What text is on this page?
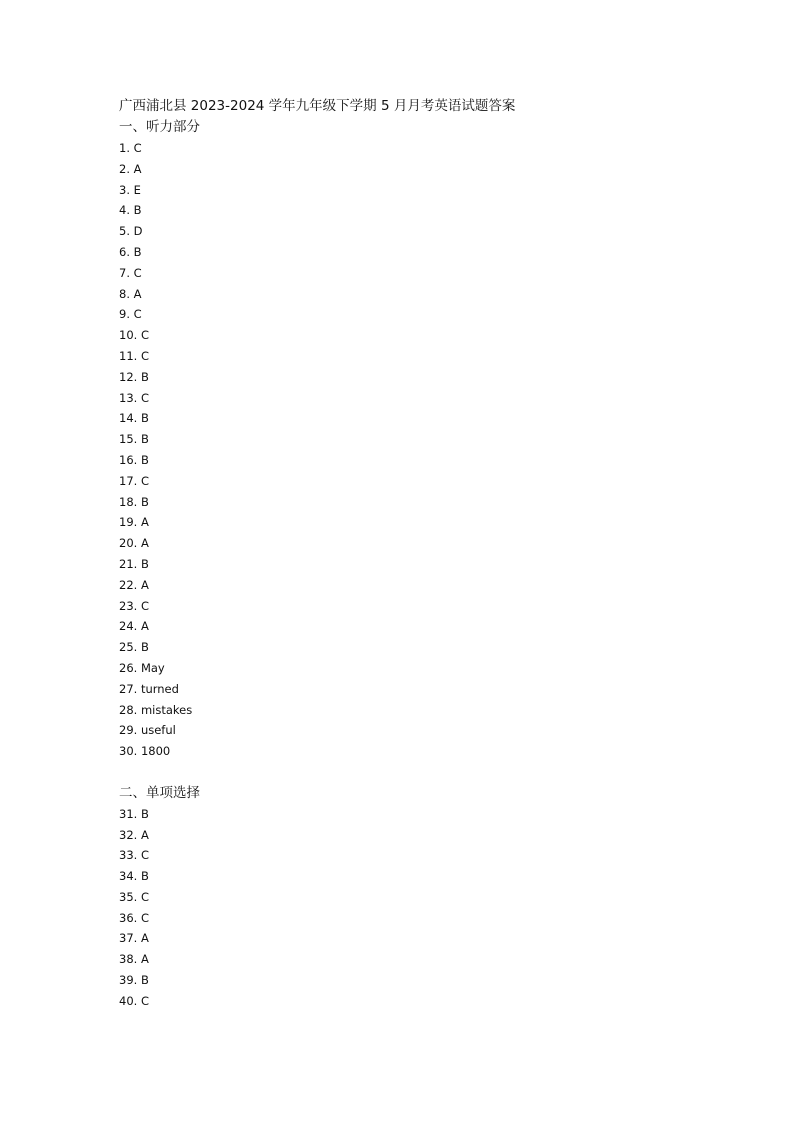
广西浦北县 2023-2024 学年九年级下学期 5 月月考英语试题答案
一、听力部分
1. C
2. A
3. E
4. B
5. D
6. B
7. C
8. A
9. C
10. C
11. C
12. B
13. C
14. B
15. B
16. B
17. C
18. B
19. A
20. A
21. B
22. A
23. C
24. A
25. B
26. May
27. turned
28. mistakes
29. useful
30. 1800
二、单项选择
31. B
32. A
33. C
34. B
35. C
36. C
37. A
38. A
39. B
40. C
